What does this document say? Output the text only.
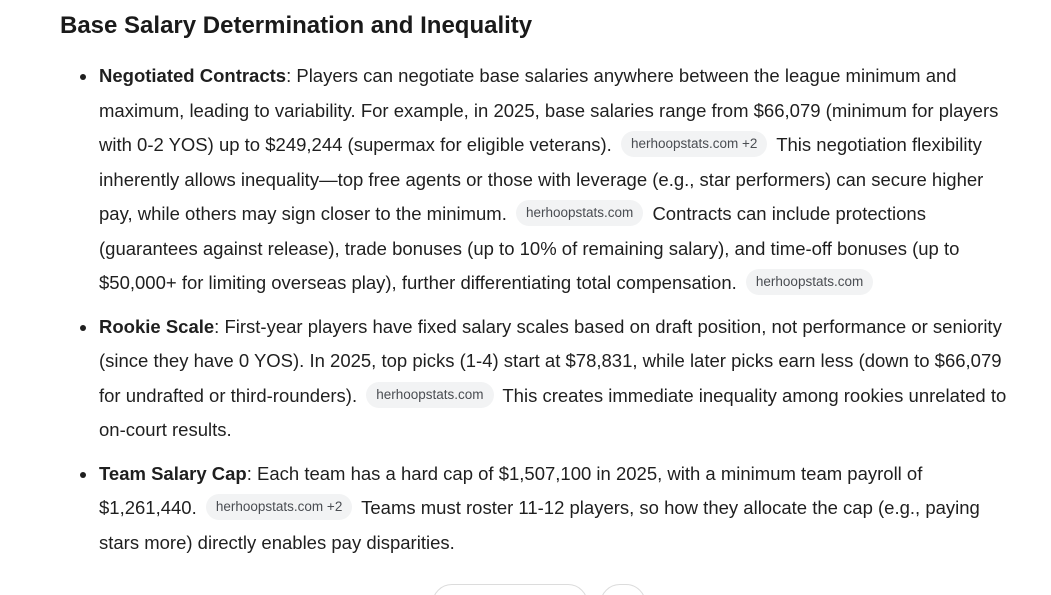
Base Salary Determination and Inequality
Negotiated Contracts: Players can negotiate base salaries anywhere between the league minimum and maximum, leading to variability. For example, in 2025, base salaries range from $66,079 (minimum for players with 0-2 YOS) up to $249,244 (supermax for eligible veterans). herhoopstats.com +2 This negotiation flexibility inherently allows inequality—top free agents or those with leverage (e.g., star performers) can secure higher pay, while others may sign closer to the minimum. herhoopstats.com Contracts can include protections (guarantees against release), trade bonuses (up to 10% of remaining salary), and time-off bonuses (up to $50,000+ for limiting overseas play), further differentiating total compensation. herhoopstats.com
Rookie Scale: First-year players have fixed salary scales based on draft position, not performance or seniority (since they have 0 YOS). In 2025, top picks (1-4) start at $78,831, while later picks earn less (down to $66,079 for undrafted or third-rounders). herhoopstats.com This creates immediate inequality among rookies unrelated to on-court results.
Team Salary Cap: Each team has a hard cap of $1,507,100 in 2025, with a minimum team payroll of $1,261,440. herhoopstats.com +2 Teams must roster 11-12 players, so how they allocate the cap (e.g., paying stars more) directly enables pay disparities.
